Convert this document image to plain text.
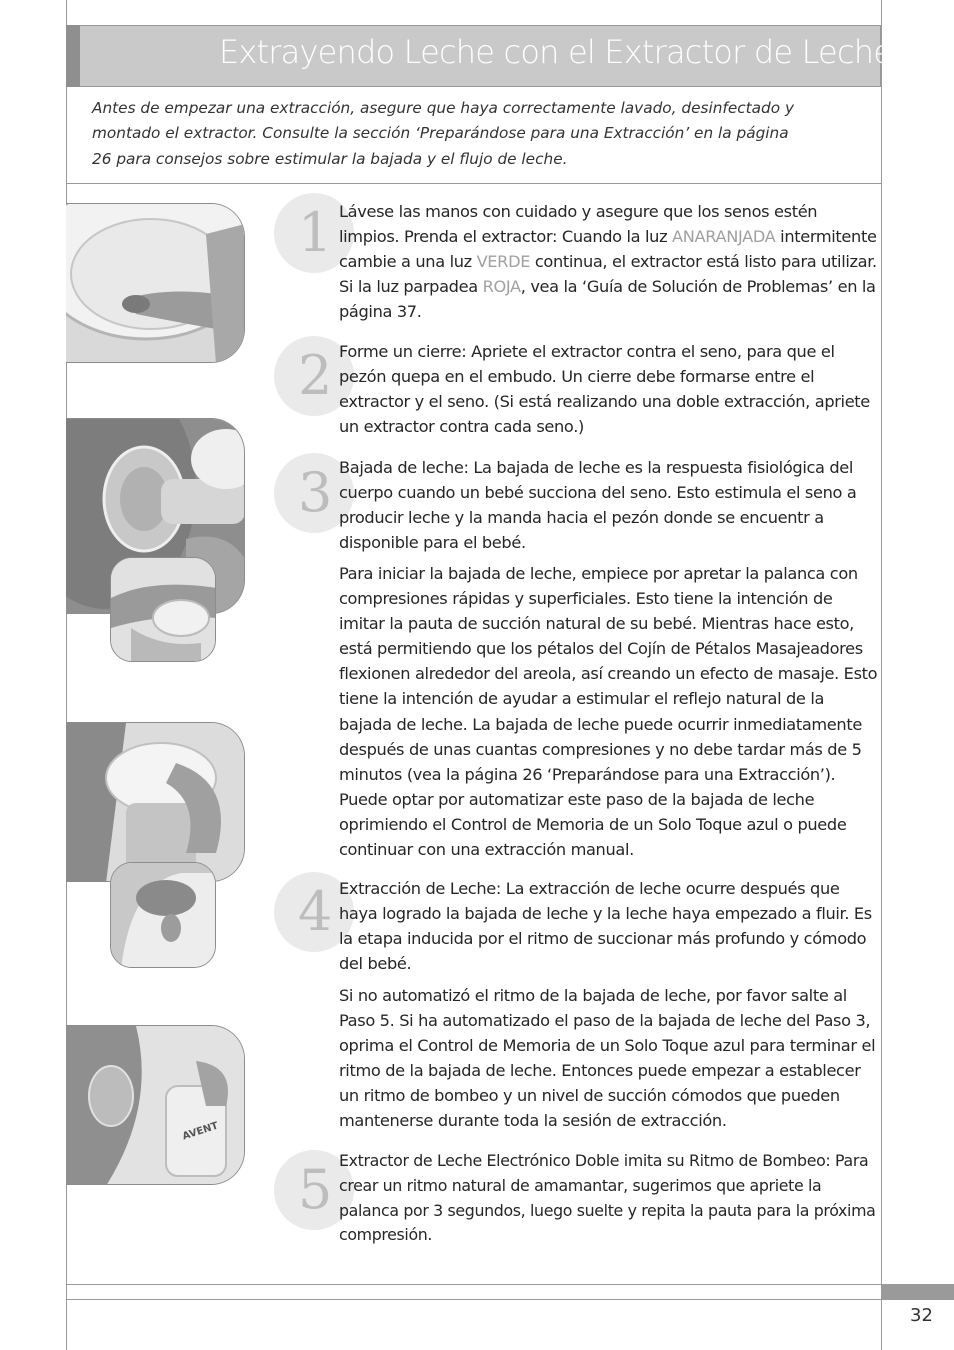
Extrayendo Leche con el Extractor de Leche

Antes de empezar una extracción, asegure que haya correctamente lavado, desinfectado y montado el extractor. Consulte la sección ‘Preparándose para una Extracción’ en la página 26 para consejos sobre estimular la bajada y el flujo de leche.

AVENT
1
2
3
4
5

Lávese las manos con cuidado y asegure que los senos estén limpios. Prenda el extractor: Cuando la luz ANARANJADA intermitente cambie a una luz VERDE continua, el extractor está listo para utilizar. Si la luz parpadea ROJA, vea la ‘Guía de Solución de Problemas’ en la página 37.

Forme un cierre: Apriete el extractor contra el seno, para que el pezón quepa en el embudo. Un cierre debe formarse entre el extractor y el seno. (Si está realizando una doble extracción, apriete un extractor contra cada seno.)

Bajada de leche: La bajada de leche es la respuesta fisiológica del cuerpo cuando un bebé succiona del seno. Esto estimula el seno a producir leche y la manda hacia el pezón donde se encuentr a disponible para el bebé.

Para iniciar la bajada de leche, empiece por apretar la palanca con compresiones rápidas y superficiales. Esto tiene la intención de imitar la pauta de succión natural de su bebé. Mientras hace esto, está permitiendo que los pétalos del Cojín de Pétalos Masajeadores flexionen alrededor del areola, así creando un efecto de masaje. Esto tiene la intención de ayudar a estimular el reflejo natural de la bajada de leche. La bajada de leche puede ocurrir inmediatamente después de unas cuantas compresiones y no debe tardar más de 5 minutos (vea la página 26 ‘Preparándose para una Extracción’). Puede optar por automatizar este paso de la bajada de leche oprimiendo el Control de Memoria de un Solo Toque azul o puede continuar con una extracción manual.

Extracción de Leche: La extracción de leche ocurre después que haya logrado la bajada de leche y la leche haya empezado a fluir. Es la etapa inducida por el ritmo de succionar más profundo y cómodo del bebé.

Si no automatizó el ritmo de la bajada de leche, por favor salte al Paso 5. Si ha automatizado el paso de la bajada de leche del Paso 3, oprima el Control de Memoria de un Solo Toque azul para terminar el ritmo de la bajada de leche. Entonces puede empezar a establecer un ritmo de bombeo y un nivel de succión cómodos que pueden mantenerse durante toda la sesión de extracción.

Extractor de Leche Electrónico Doble imita su Ritmo de Bombeo: Para crear un ritmo natural de amamantar, sugerimos que apriete la palanca por 3 segundos, luego suelte y repita la pauta para la próxima compresión.

32
